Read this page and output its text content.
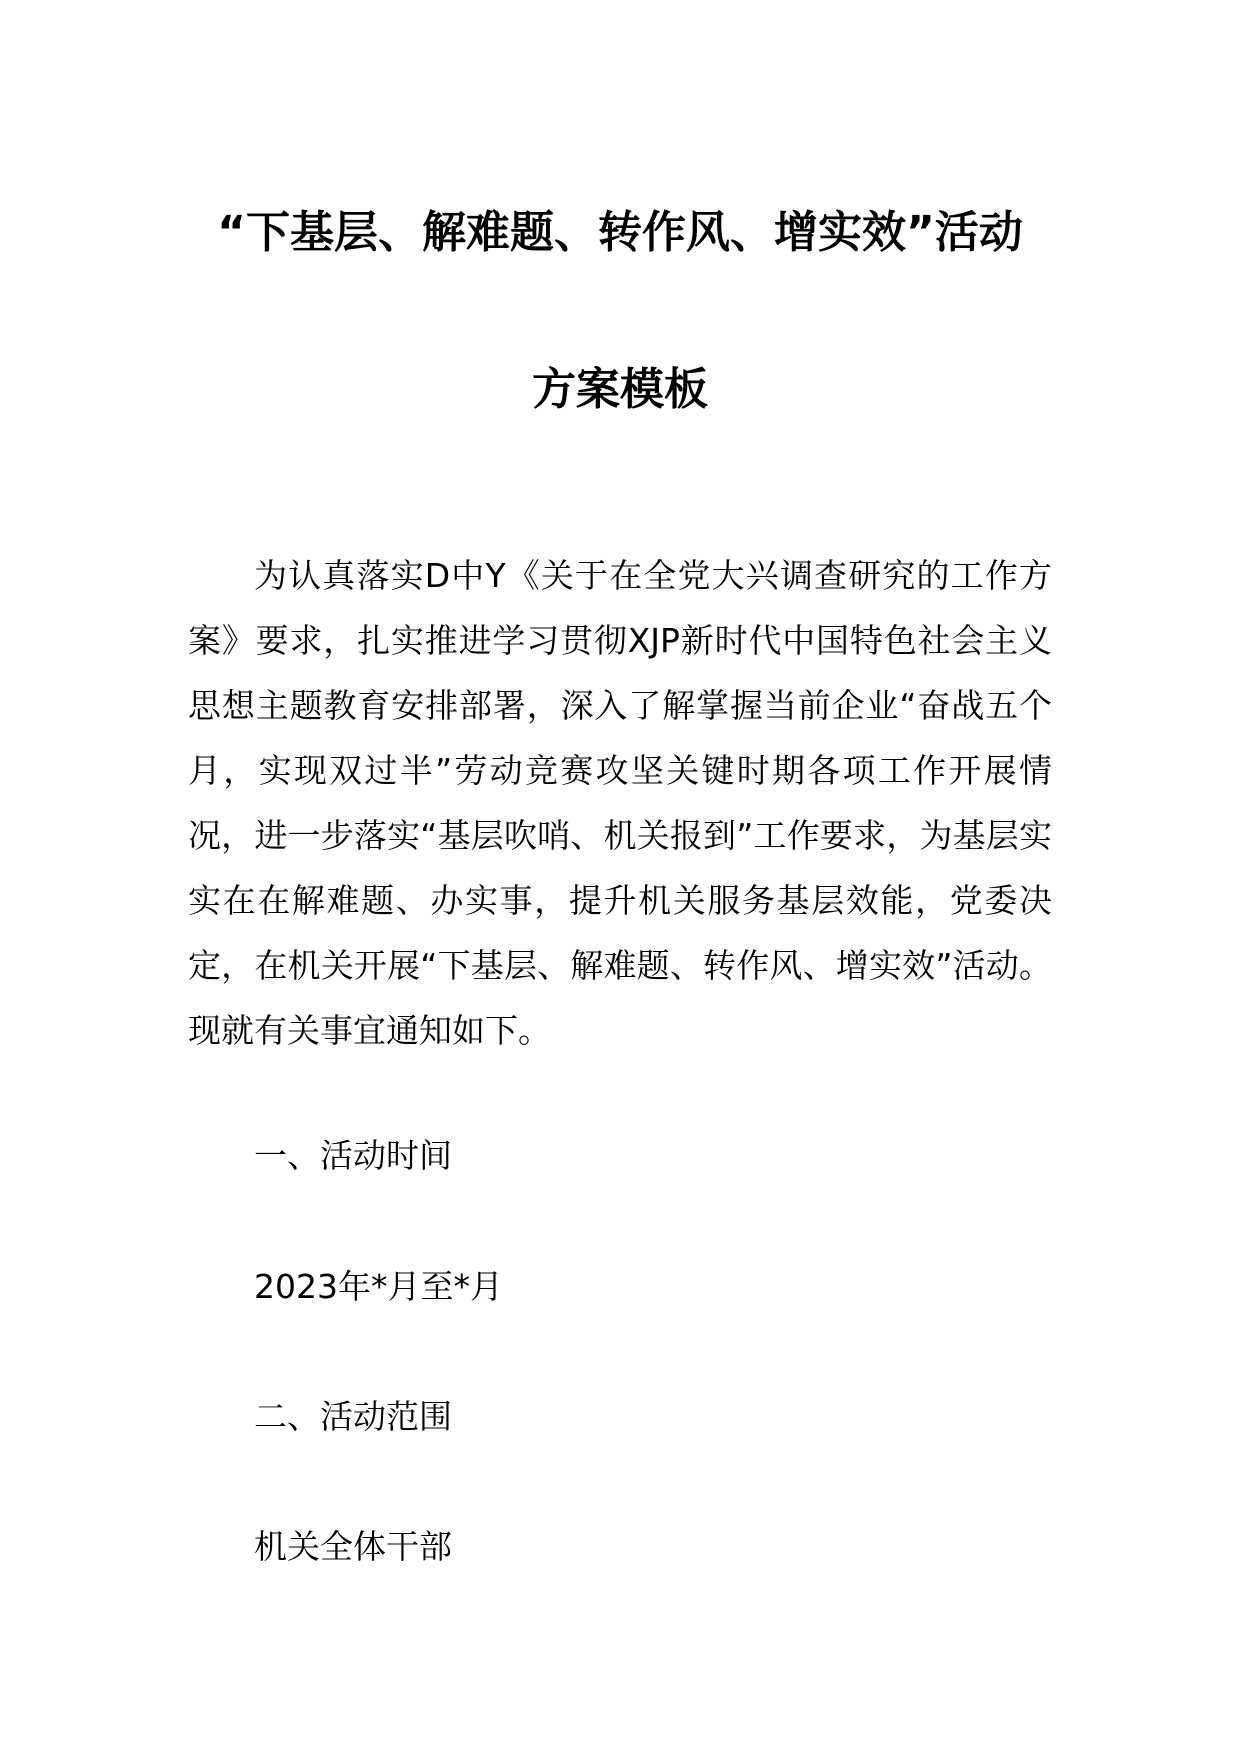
“下基层、解难题、转作风、增实效”活动
方案模板

为认真落实D中Y《关于在全党大兴调查研究的工作方案》要求，扎实推进学习贯彻XJP新时代中国特色社会主义思想主题教育安排部署，深入了解掌握当前企业“奋战五个月，实现双过半”劳动竞赛攻坚关键时期各项工作开展情况，进一步落实“基层吹哨、机关报到”工作要求，为基层实实在在解难题、办实事，提升机关服务基层效能，党委决定，在机关开展“下基层、解难题、转作风、增实效”活动。现就有关事宜通知如下。

一、活动时间

2023年*月至*月

二、活动范围

机关全体干部
